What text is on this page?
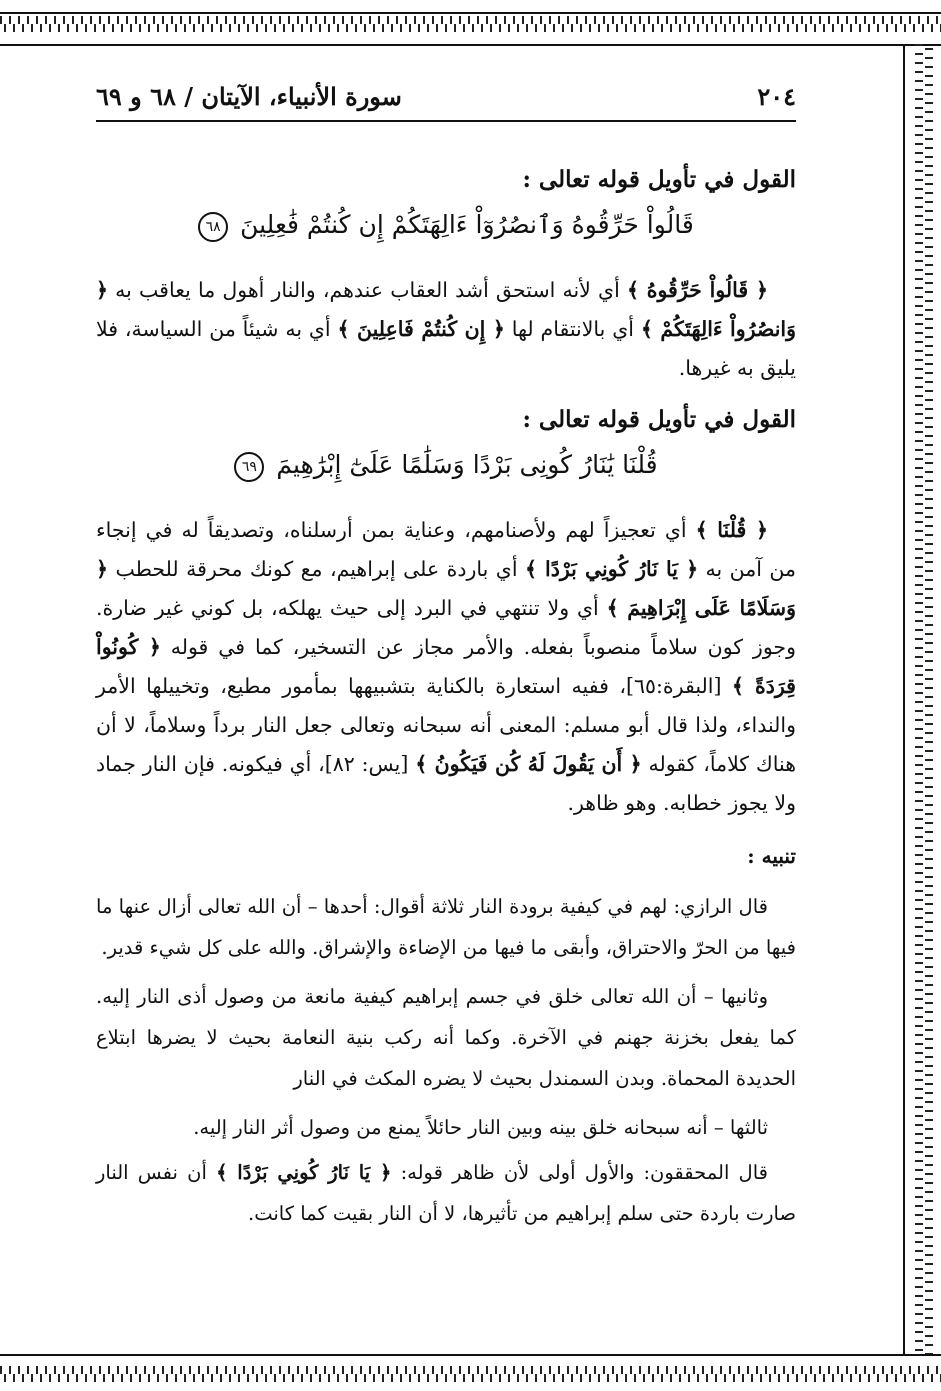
٢٠٤
سورة الأنبياء، الآيتان / ٦٨ و ٦٩

القول في تأويل قوله تعالى :

قَالُواْ حَرِّقُوهُ وَٱنصُرُوٓاْ ءَالِهَتَكُمْ إِن كُنتُمْ فَٰعِلِينَ ٦٨

﴿ قَالُواْ حَرِّقُوهُ ﴾ أي لأنه استحق أشد العقاب عندهم، والنار أهول ما يعاقب به ﴿ وَانصُرُواْ ءَالِهَتَكُمْ ﴾ أي بالانتقام لها ﴿ إِن كُنتُمْ فَاعِلِينَ ﴾ أي به شيئاً من السياسة، فلا يليق به غيرها.

القول في تأويل قوله تعالى :

قُلْنَا يَٰنَارُ كُونِى بَرْدًا وَسَلَٰمًا عَلَىٰٓ إِبْرَٰهِيمَ ٦٩

﴿ قُلْنَا ﴾ أي تعجيزاً لهم ولأصنامهم، وعناية بمن أرسلناه، وتصديقاً له في إنجاء من آمن به ﴿ يَا نَارُ كُونِي بَرْدًا ﴾ أي باردة على إبراهيم، مع كونك محرقة للحطب ﴿ وَسَلَامًا عَلَى إِبْرَاهِيمَ ﴾ أي ولا تنتهي في البرد إلى حيث يهلكه، بل كوني غير ضارة. وجوز كون سلاماً منصوباً بفعله. والأمر مجاز عن التسخير، كما في قوله ﴿ كُونُواْ قِرَدَةً ﴾ [البقرة:٦٥]، ففيه استعارة بالكناية بتشبيهها بمأمور مطيع، وتخييلها الأمر والنداء، ولذا قال أبو مسلم: المعنى أنه سبحانه وتعالى جعل النار برداً وسلاماً، لا أن هناك كلاماً، كقوله ﴿ أَن يَقُولَ لَهُ كُن فَيَكُونُ ﴾ [يس: ٨٢]، أي فيكونه. فإن النار جماد ولا يجوز خطابه. وهو ظاهر.

تنبيه :

قال الرازي: لهم في كيفية برودة النار ثلاثة أقوال: أحدها – أن الله تعالى أزال عنها ما فيها من الحرّ والاحتراق، وأبقى ما فيها من الإضاءة والإشراق. والله على كل شيء قدير.

وثانيها – أن الله تعالى خلق في جسم إبراهيم كيفية مانعة من وصول أذى النار إليه. كما يفعل بخزنة جهنم في الآخرة. وكما أنه ركب بنية النعامة بحيث لا يضرها ابتلاع الحديدة المحماة. وبدن السمندل بحيث لا يضره المكث في النار

ثالثها – أنه سبحانه خلق بينه وبين النار حائلاً يمنع من وصول أثر النار إليه.

قال المحققون: والأول أولى لأن ظاهر قوله: ﴿ يَا نَارُ كُونِي بَرْدًا ﴾ أن نفس النار صارت باردة حتى سلم إبراهيم من تأثيرها، لا أن النار بقيت كما كانت.
